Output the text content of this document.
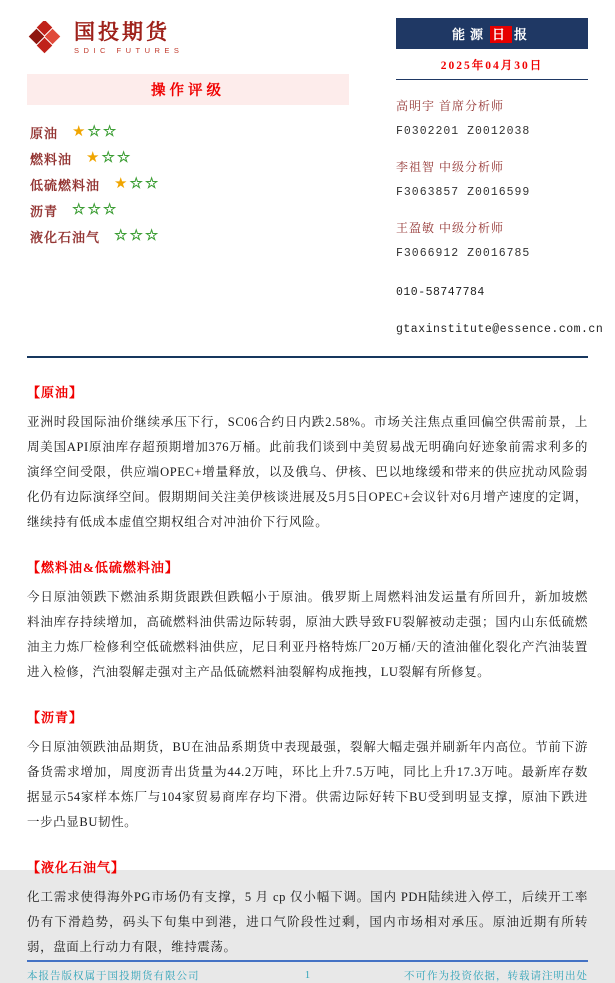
国投期货
SDIC FUTURES
操作评级
原油 ★☆☆
燃料油 ★☆☆
低硫燃料油 ★☆☆
沥青 ☆☆☆
液化石油气 ☆☆☆
能源 日 报
2025年04月30日
高明宇 首席分析师
F0302201 Z0012038
李祖智 中级分析师
F3063857 Z0016599
王盈敏 中级分析师
F3066912 Z0016785
010-58747784
gtaxinstitute@essence.com.cn
【原油】
亚洲时段国际油价继续承压下行，SC06合约日内跌2.58%。市场关注焦点重回偏空供需前景，上周美国API原油库存超预期增加376万桶。此前我们谈到中美贸易战无明确向好迹象前需求利多的演绎空间受限，供应端OPEC+增量释放，以及俄乌、伊核、巴以地缘缓和带来的供应扰动风险弱化仍有边际演绎空间。假期期间关注美伊核谈进展及5月5日OPEC+会议针对6月增产速度的定调，继续持有低成本虚值空期权组合对冲油价下行风险。
【燃料油&低硫燃料油】
今日原油领跌下燃油系期货跟跌但跌幅小于原油。俄罗斯上周燃料油发运量有所回升，新加坡燃料油库存持续增加，高硫燃料油供需边际转弱，原油大跌导致FU裂解被动走强；国内山东低硫燃油主力炼厂检修利空低硫燃料油供应，尼日利亚丹格特炼厂20万桶/天的渣油催化裂化产汽油装置进入检修，汽油裂解走强对主产品低硫燃料油裂解构成拖拽，LU裂解有所修复。
【沥青】
今日原油领跌油品期货，BU在油品系期货中表现最强，裂解大幅走强并刷新年内高位。节前下游备货需求增加，周度沥青出货量为44.2万吨，环比上升7.5万吨，同比上升17.3万吨。最新库存数据显示54家样本炼厂与104家贸易商库存均下滑。供需边际好转下BU受到明显支撑，原油下跌进一步凸显BU韧性。
【液化石油气】
化工需求使得海外PG市场仍有支撑，5 月 cp 仅小幅下调。国内 PDH陆续进入停工，后续开工率仍有下滑趋势，码头下旬集中到港，进口气阶段性过剩，国内市场相对承压。原油近期有所转弱，盘面上行动力有限，维持震荡。
本报告版权属于国投期货有限公司	1	不可作为投资依据，转载请注明出处
